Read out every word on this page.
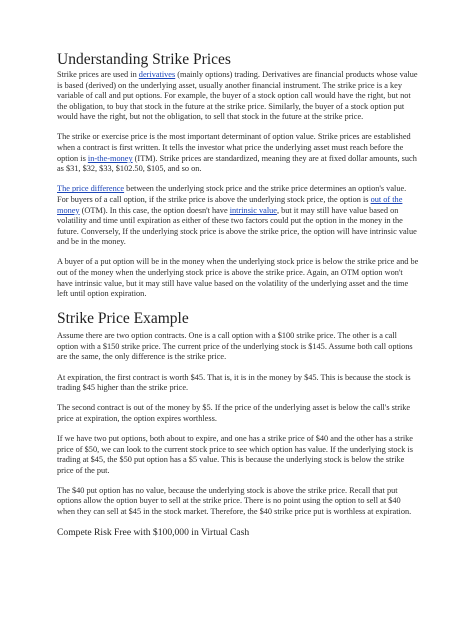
Understanding Strike Prices

Strike prices are used in derivatives (mainly options) trading. Derivatives are financial products whose value is based (derived) on the underlying asset, usually another financial instrument. The strike price is a key variable of call and put options. For example, the buyer of a stock option call would have the right, but not the obligation, to buy that stock in the future at the strike price. Similarly, the buyer of a stock option put would have the right, but not the obligation, to sell that stock in the future at the strike price.

The strike or exercise price is the most important determinant of option value. Strike prices are established when a contract is first written. It tells the investor what price the underlying asset must reach before the option is in-the-money (ITM). Strike prices are standardized, meaning they are at fixed dollar amounts, such as $31, $32, $33, $102.50, $105, and so on.

The price difference between the underlying stock price and the strike price determines an option's value. For buyers of a call option, if the strike price is above the underlying stock price, the option is out of the money (OTM). In this case, the option doesn't have intrinsic value, but it may still have value based on volatility and time until expiration as either of these two factors could put the option in the money in the future. Conversely, If the underlying stock price is above the strike price, the option will have intrinsic value and be in the money.

A buyer of a put option will be in the money when the underlying stock price is below the strike price and be out of the money when the underlying stock price is above the strike price. Again, an OTM option won't have intrinsic value, but it may still have value based on the volatility of the underlying asset and the time left until option expiration.

Strike Price Example

Assume there are two option contracts. One is a call option with a $100 strike price. The other is a call option with a $150 strike price. The current price of the underlying stock is $145. Assume both call options are the same, the only difference is the strike price.

At expiration, the first contract is worth $45. That is, it is in the money by $45. This is because the stock is trading $45 higher than the strike price.

The second contract is out of the money by $5. If the price of the underlying asset is below the call's strike price at expiration, the option expires worthless.

If we have two put options, both about to expire, and one has a strike price of $40 and the other has a strike price of $50, we can look to the current stock price to see which option has value. If the underlying stock is trading at $45, the $50 put option has a $5 value. This is because the underlying stock is below the strike price of the put.

The $40 put option has no value, because the underlying stock is above the strike price. Recall that put options allow the option buyer to sell at the strike price. There is no point using the option to sell at $40 when they can sell at $45 in the stock market. Therefore, the $40 strike price put is worthless at expiration.

Compete Risk Free with $100,000 in Virtual Cash
